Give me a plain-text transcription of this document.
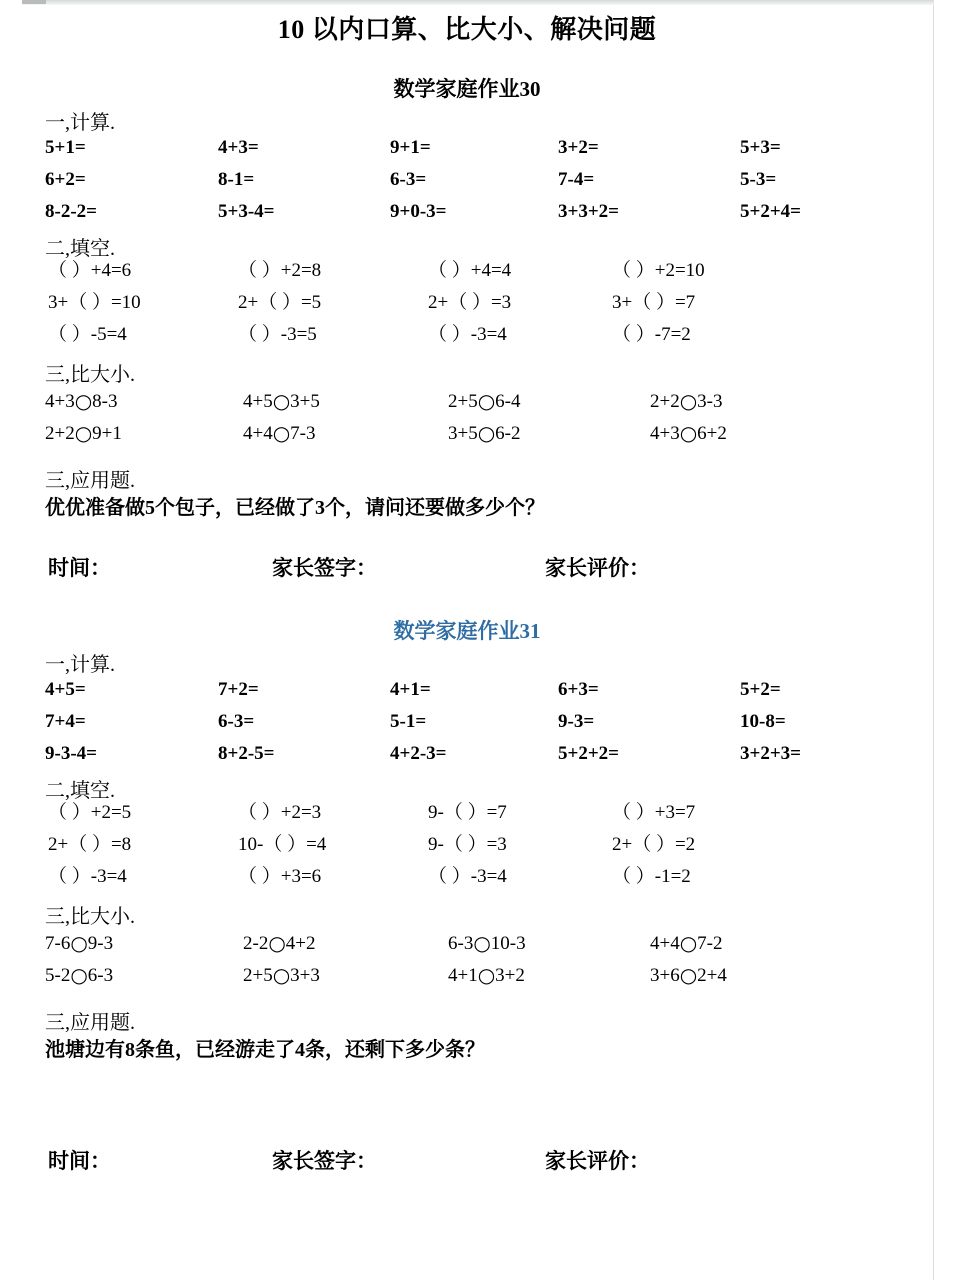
10 以内口算、比大小、解决问题
数学家庭作业30
一,计算.
5+1=	4+3=	9+1=	3+2=	5+3=
6+2=	8-1=	6-3=	7-4=	5-3=
8-2-2=	5+3-4=	9+0-3=	3+3+2=	5+2+4=
二,填空.
（ ）+4=6	（ ）+2=8	（ ）+4=4	（ ）+2=10
3+（ ）=10	2+（ ）=5	2+（ ）=3	3+（ ）=7
（ ）-5=4	（ ）-3=5	（ ）-3=4	（ ）-7=2
三,比大小.
4+3○8-3	4+5○3+5	2+5○6-4	2+2○3-3
2+2○9+1	4+4○7-3	3+5○6-2	4+3○6+2
三,应用题.
优优准备做5个包子，已经做了3个，请问还要做多少个？
时间：	家长签字：	家长评价：
数学家庭作业31
一,计算.
4+5=	7+2=	4+1=	6+3=	5+2=
7+4=	6-3=	5-1=	9-3=	10-8=
9-3-4=	8+2-5=	4+2-3=	5+2+2=	3+2+3=
二,填空.
（ ）+2=5	（ ）+2=3	9-（ ）=7	（ ）+3=7
2+（ ）=8	10-（ ）=4	9-（ ）=3	2+（ ）=2
（ ）-3=4	（ ）+3=6	（ ）-3=4	（ ）-1=2
三,比大小.
7-6○9-3	2-2○4+2	6-3○10-3	4+4○7-2
5-2○6-3	2+5○3+3	4+1○3+2	3+6○2+4
三,应用题.
池塘边有8条鱼，已经游走了4条，还剩下多少条？
时间：	家长签字：	家长评价：
